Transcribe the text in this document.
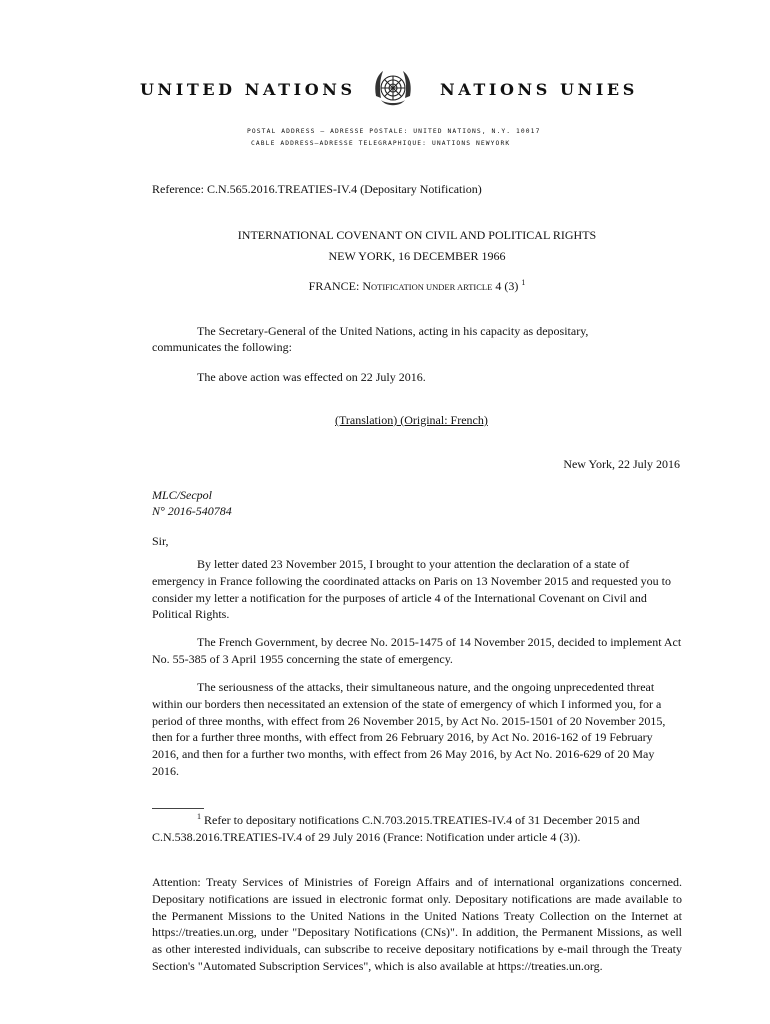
UNITED NATIONS	NATIONS UNIES
POSTAL ADDRESS – ADRESSE POSTALE: UNITED NATIONS, N.Y. 10017
CABLE ADDRESS—ADRESSE TELEGRAPHIQUE: UNATIONS NEWYORK
Reference: C.N.565.2016.TREATIES-IV.4 (Depositary Notification)
INTERNATIONAL COVENANT ON CIVIL AND POLITICAL RIGHTS
NEW YORK, 16 DECEMBER 1966
FRANCE: NOTIFICATION UNDER ARTICLE 4 (3) $^1$
The Secretary-General of the United Nations, acting in his capacity as depositary,
communicates the following:
The above action was effected on 22 July 2016.
(Translation) (Original: French)
New York, 22 July 2016
MLC/Secpol
N° 2016-540784
Sir,
By letter dated 23 November 2015, I brought to your attention the declaration of a state of emergency in France following the coordinated attacks on Paris on 13 November 2015 and requested you to consider my letter a notification for the purposes of article 4 of the International Covenant on Civil and Political Rights.
The French Government, by decree No. 2015-1475 of 14 November 2015, decided to implement Act No. 55-385 of 3 April 1955 concerning the state of emergency.
The seriousness of the attacks, their simultaneous nature, and the ongoing unprecedented threat within our borders then necessitated an extension of the state of emergency of which I informed you, for a period of three months, with effect from 26 November 2015, by Act No. 2015-1501 of 20 November 2015, then for a further three months, with effect from 26 February 2016, by Act No. 2016-162 of 19 February 2016, and then for a further two months, with effect from 26 May 2016, by Act No. 2016-629 of 20 May 2016.
$^1$ Refer to depositary notifications C.N.703.2015.TREATIES-IV.4 of 31 December 2015 and C.N.538.2016.TREATIES-IV.4 of 29 July 2016 (France: Notification under article 4 (3)).
Attention: Treaty Services of Ministries of Foreign Affairs and of international organizations concerned. Depositary notifications are issued in electronic format only. Depositary notifications are made available to the Permanent Missions to the United Nations in the United Nations Treaty Collection on the Internet at https://treaties.un.org, under "Depositary Notifications (CNs)". In addition, the Permanent Missions, as well as other interested individuals, can subscribe to receive depositary notifications by e-mail through the Treaty Section's "Automated Subscription Services", which is also available at https://treaties.un.org.
